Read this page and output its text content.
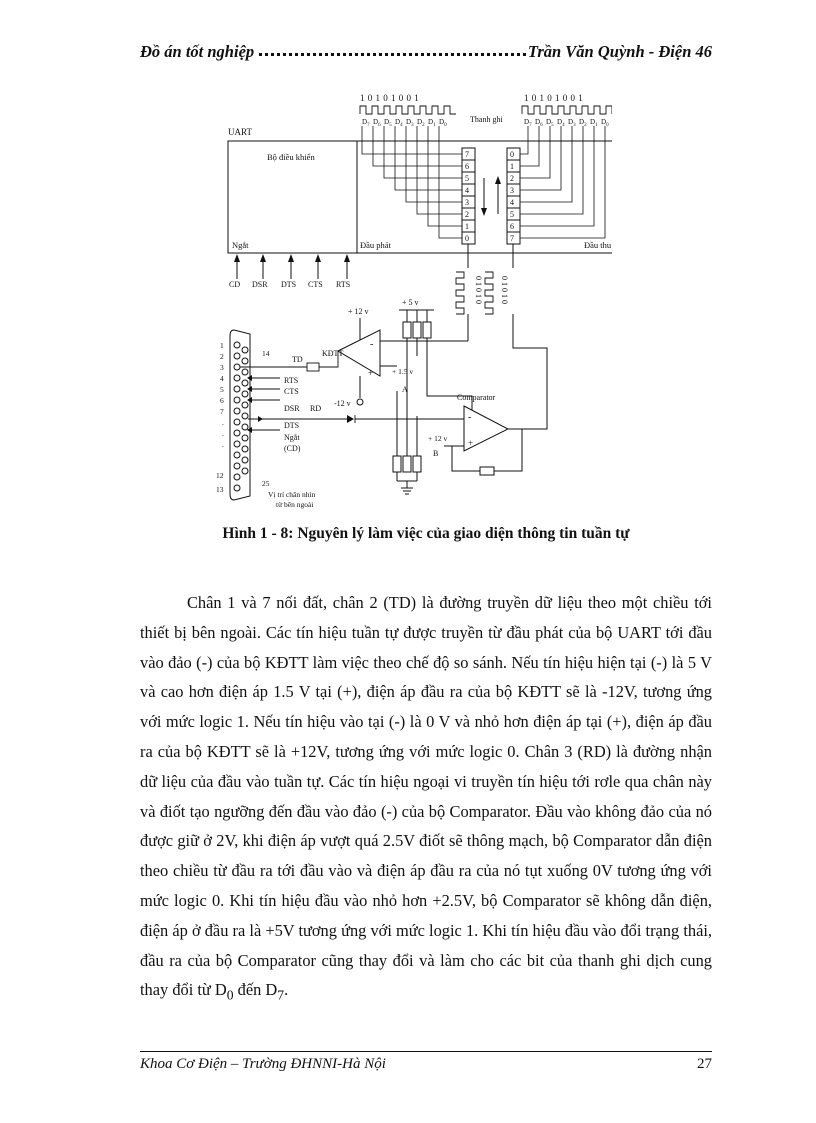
Đồ án tốt nghiệp	Trần Văn Quỳnh - Điện 46
1 0 1 0 1 0 0 1
$D_7$ $D_6$ $D_5$ $D_4$ $D_3$ $D_2$ $D_1$ $D_0$
1 0 1 0 1 0 0 1
$D_7$ $D_6$ $D_5$ $D_4$ $D_3$ $D_2$ $D_1$ $D_0$
Thanh ghi
UART
Bộ điều khiển
Ngắt	Đầu phát	Đầu thu
7
6
5
4
3
2
1
0
0
1
2
3
4
5
6
7
CD DSR DTS CTS RTS	0 1 0 1 0 0 1 0 1 0
+ 12 v
+ 5 v
KĐTT
-
+	+ 1.5 v
A
-12 v
Comparator
-
+
+ 12 v
B
1
2
3
4
5
6
7
.
.
.
12
13
14
25
Vị trí chân nhìn
từ bên ngoài
TD
RTS
CTS
DSR RD
DTS
Ngắt
(CD)
Hình 1 - 8: Nguyên lý làm việc của giao diện thông tin tuần tự

Chân 1 và 7 nối đất, chân 2 (TD) là đường truyền dữ liệu theo một chiều tới thiết bị bên ngoài. Các tín hiệu tuần tự được truyền từ đầu phát của bộ UART tới đầu vào đảo (-) của bộ KĐTT làm việc theo chế độ so sánh. Nếu tín hiệu hiện tại (-) là 5 V và cao hơn điện áp 1.5 V tại (+), điện áp đầu ra của bộ KĐTT sẽ là -12V, tương ứng với mức logic 1. Nếu tín hiệu vào tại (-) là 0 V và nhỏ hơn điện áp tại (+), điện áp đầu ra của bộ KĐTT sẽ là +12V, tương ứng với mức logic 0. Chân 3 (RD) là đường nhận dữ liệu của đầu vào tuần tự. Các tín hiệu ngoại vi truyền tín hiệu tới rơle qua chân này và điốt tạo ngưỡng đến đầu vào đảo (-) của bộ Comparator. Đầu vào không đảo của nó được giữ ở 2V, khi điện áp vượt quá 2.5V điốt sẽ thông mạch, bộ Comparator dẫn điện theo chiều từ đầu ra tới đầu vào và điện áp đầu ra của nó tụt xuống 0V tương ứng với mức logic 0. Khi tín hiệu đầu vào nhỏ hơn +2.5V, bộ Comparator sẽ không dẫn điện, điện áp ở đầu ra là +5V tương ứng với mức logic 1. Khi tín hiệu đầu vào đổi trạng thái, đầu ra của bộ Comparator cũng thay đổi và làm cho các bit của thanh ghi dịch cung thay đổi từ $D_0$ đến $D_7$.

Khoa Cơ Điện – Trường ĐHNNI-Hà Nội	27
